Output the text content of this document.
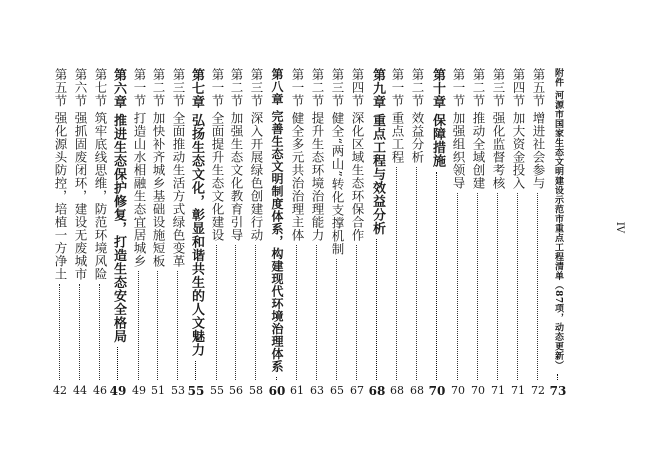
第五节 强化源头防控，培植一方净土
42
第六节 强抓固废闭环，建设无废城市
44
第七节 筑牢底线思维，防范环境风险
46
第六章 推进生态保护修复，打造生态安全格局
49
第一节 打造山水相融生态宜居城乡
49
第二节 加快补齐城乡基础设施短板
51
第三节 全面推动生活方式绿色变革
53
第七章 弘扬生态文化，彰显和谐共生的人文魅力
55
第一节 全面提升生态文化建设
55
第二节 加强生态文化教育引导
56
第三节 深入开展绿色创建行动
58
第八章 完善生态文明制度体系，构建现代环境治理体系
60
第一节 健全多元共治治理主体
61
第二节 提升生态环境治理能力
63
第三节 健全“两山”转化支撑机制
65
第四节 深化区域生态环保合作
67
第九章 重点工程与效益分析
68
第一节 重点工程
68
第二节 效益分析
68
第十章 保障措施
70
第一节 加强组织领导
70
第二节 推动全域创建
70
第三节 强化监督考核
71
第四节 加大资金投入
71
第五节 增进社会参与
72
附件 河源市国家生态文明建设示范市重点工程清单（87项，动态更新）
73
IV
